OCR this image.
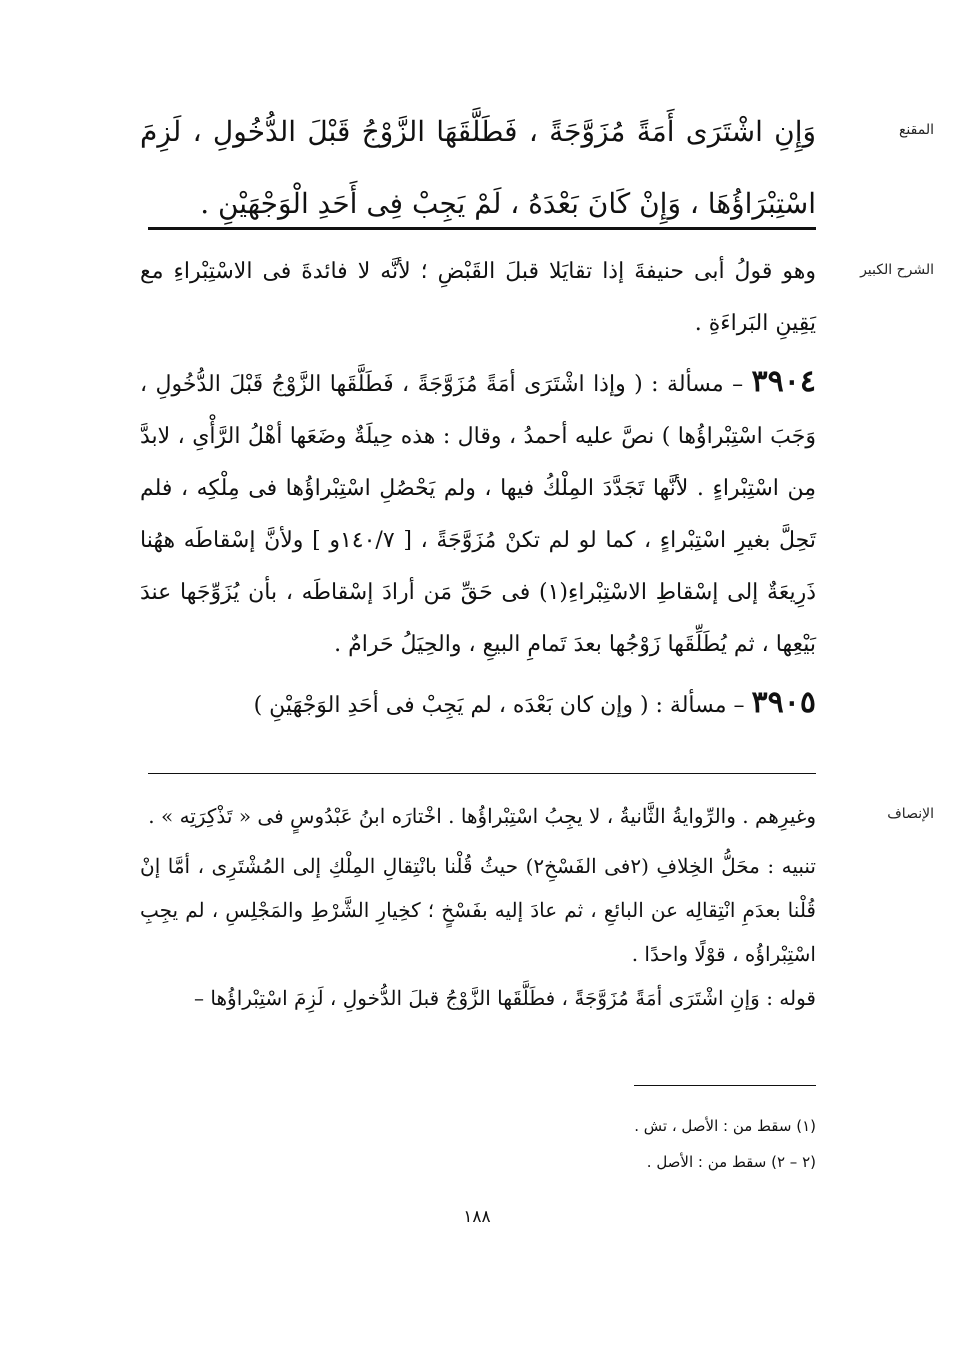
المقنع

وَإِنِ اشْتَرَى أَمَةً مُزَوَّجَةً ، فَطَلَّقَهَا الزَّوْجُ قَبْلَ الدُّخُولِ ، لَزِمَ اسْتِبْرَاؤُهَا ، وَإِنْ كَانَ بَعْدَهُ ، لَمْ يَجِبْ فِى أَحَدِ الْوَجْهَيْنِ .

الشرح الكبير

وهو قولُ أبى حنيفةَ إذا تقايَلا قبلَ القَبْضِ ؛ لأنَّه لا فائدةَ فى الاسْتِبْراءِ مع يَقِينِ البَراءَةِ .

٣٩٠٤ – مسألة : ( وإذا اشْتَرَى أمَةً مُزَوَّجَةً ، فَطَلَّقَها الزَّوْجُ قَبْلَ الدُّخُولِ ، وَجَبَ اسْتِبْراؤُها ) نصَّ عليه أحمدُ ، وقال : هذه حِيلَةٌ وضَعَها أهْلُ الرَّأْىِ ، لابدَّ مِن اسْتِبْراءٍ . لأنَّها تَجَدَّدَ المِلْكُ فيها ، ولم يَحْصُلِ اسْتِبْراؤُها فى مِلْكِه ، فلم تَحِلَّ بغيرِ اسْتِبْراءٍ ، كما لو لم تكنْ مُزَوَّجَةً ، [ ١٤٠/٧و ] ولأنَّ إسْقاطَه ههُنا ذَرِيعَةٌ إلى إسْقاطِ الاسْتِبْراءِ(١) فى حَقِّ مَن أرادَ إسْقاطَه ، بأن يُزَوِّجَها عندَ بَيْعِها ، ثم يُطَلِّقَها زَوْجُها بعدَ تَمامِ البيعِ ، والحِيَلُ حَرامٌ .

٣٩٠٥ – مسألة : ( وإن كان بَعْدَه ، لم يَجِبْ فى أحَدِ الوَجْهَيْنِ )

الإنصاف

وغيرِهم . والرِّوايةُ الثَّانيةُ ، لا يجِبُ اسْتِبْراؤُها . اخْتارَه ابنُ عَبْدُوسٍ فى « تَذْكِرَتِه » .

تنبيه : محَلُّ الخِلافِ (٢فى الفَسْخِ٢) حيثُ قُلْنا بانْتِقالِ المِلْكِ إلى المُشْتَرِى ، أمَّا إنْ قُلْنا بعدَمِ انْتِقالِه عن البائعِ ، ثم عادَ إليه بفَسْخٍ ؛ كخِيارِ الشَّرْطِ والمَجْلِسِ ، لم يجِبِ اسْتِبْراؤُه ، قوْلًا واحدًا .

قوله : وَإنِ اشْتَرَى أمَةً مُزَوَّجَةً ، فطَلَّقَها الزَّوْجُ قبلَ الدُّخولِ ، لَزِمَ اسْتِبْراؤُها –

(١) سقط من : الأصل ، تش .

(٢ – ٢) سقط من : الأصل .

١٨٨
